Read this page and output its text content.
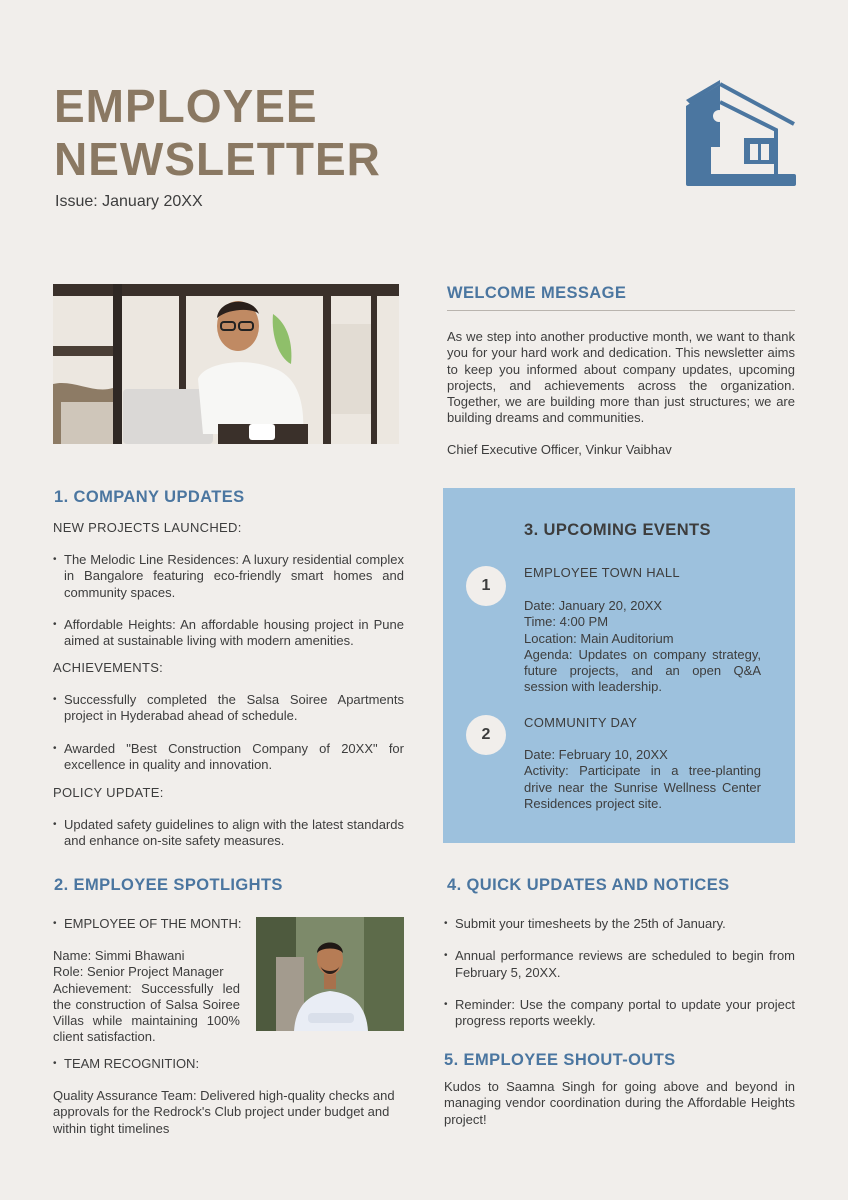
EMPLOYEE
NEWSLETTER
Issue: January 20XX
WELCOME MESSAGE

As we step into another productive month, we want to thank you for your hard work and dedication. This newsletter aims to keep you informed about company updates, upcoming projects, and achievements across the organization. Together, we are building more than just structures; we are building dreams and communities.

Chief Executive Officer, Vinkur Vaibhav

1. COMPANY UPDATES
NEW PROJECTS LAUNCHED:
• The Melodic Line Residences: A luxury residential complex in Bangalore featuring eco-friendly smart homes and community spaces.
• Affordable Heights: An affordable housing project in Pune aimed at sustainable living with modern amenities.
ACHIEVEMENTS:
• Successfully completed the Salsa Soiree Apartments project in Hyderabad ahead of schedule.
• Awarded "Best Construction Company of 20XX" for excellence in quality and innovation.
POLICY UPDATE:
• Updated safety guidelines to align with the latest standards and enhance on-site safety measures.
3. UPCOMING EVENTS
1
EMPLOYEE TOWN HALL

Date: January 20, 20XX
Time: 4:00 PM
Location: Main Auditorium
Agenda: Updates on company strategy, future projects, and an open Q&A session with leadership.

2
COMMUNITY DAY

Date: February 10, 20XX
Activity: Participate in a tree-planting drive near the Sunrise Wellness Center Residences project site.

2. EMPLOYEE SPOTLIGHTS
• EMPLOYEE OF THE MONTH:

Name: Simmi Bhawani
Role: Senior Project Manager
Achievement: Successfully led the construction of Salsa Soiree Villas while maintaining 100% client satisfaction.

• TEAM RECOGNITION:

Quality Assurance Team: Delivered high-quality checks and approvals for the Redrock's Club project under budget and within tight timelines

4. QUICK UPDATES AND NOTICES
• Submit your timesheets by the 25th of January.
• Annual performance reviews are scheduled to begin from February 5, 20XX.
• Reminder: Use the company portal to update your project progress reports weekly.
5. EMPLOYEE SHOUT-OUTS

Kudos to Saamna Singh for going above and beyond in managing vendor coordination during the Affordable Heights project!
